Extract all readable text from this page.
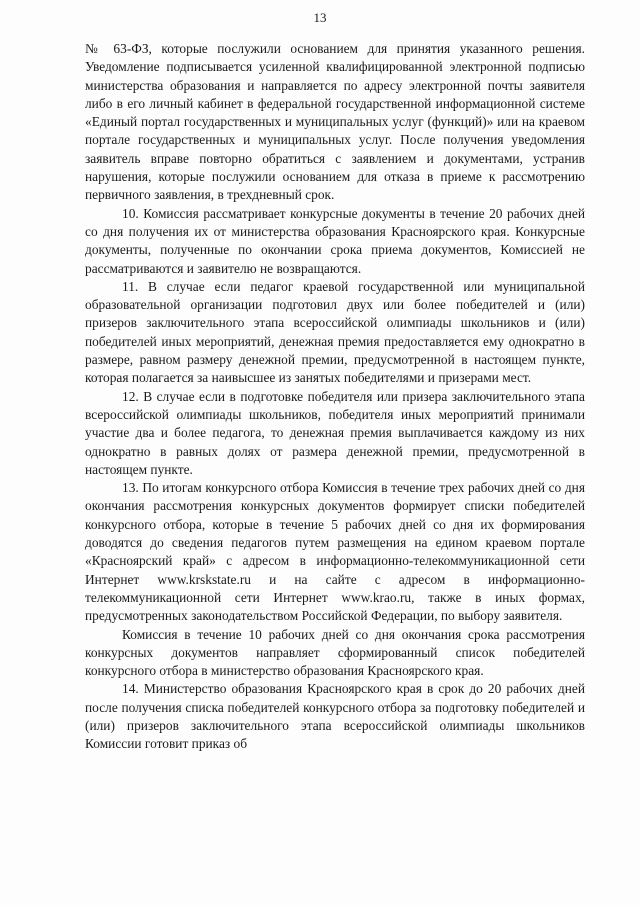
13

№ 63-ФЗ, которые послужили основанием для принятия указанного решения. Уведомление подписывается усиленной квалифицированной электронной подписью министерства образования и направляется по адресу электронной почты заявителя либо в его личный кабинет в федеральной государственной информационной системе «Единый портал государственных и муниципальных услуг (функций)» или на краевом портале государственных и муниципальных услуг. После получения уведомления заявитель вправе повторно обратиться с заявлением и документами, устранив нарушения, которые послужили основанием для отказа в приеме к рассмотрению первичного заявления, в трехдневный срок.

10. Комиссия рассматривает конкурсные документы в течение 20 рабочих дней со дня получения их от министерства образования Красноярского края. Конкурсные документы, полученные по окончании срока приема документов, Комиссией не рассматриваются и заявителю не возвращаются.

11. В случае если педагог краевой государственной или муниципальной образовательной организации подготовил двух или более победителей и (или) призеров заключительного этапа всероссийской олимпиады школьников и (или) победителей иных мероприятий, денежная премия предоставляется ему однократно в размере, равном размеру денежной премии, предусмотренной в настоящем пункте, которая полагается за наивысшее из занятых победителями и призерами мест.

12. В случае если в подготовке победителя или призера заключительного этапа всероссийской олимпиады школьников, победителя иных мероприятий принимали участие два и более педагога, то денежная премия выплачивается каждому из них однократно в равных долях от размера денежной премии, предусмотренной в настоящем пункте.

13. По итогам конкурсного отбора Комиссия в течение трех рабочих дней со дня окончания рассмотрения конкурсных документов формирует списки победителей конкурсного отбора, которые в течение 5 рабочих дней со дня их формирования доводятся до сведения педагогов путем размещения на едином краевом портале «Красноярский край» с адресом в информационно-телекоммуникационной сети Интернет www.krskstate.ru и на сайте с адресом в информационно-телекоммуникационной сети Интернет www.krao.ru, также в иных формах, предусмотренных законодательством Российской Федерации, по выбору заявителя.

Комиссия в течение 10 рабочих дней со дня окончания срока рассмотрения конкурсных документов направляет сформированный список победителей конкурсного отбора в министерство образования Красноярского края.

14. Министерство образования Красноярского края в срок до 20 рабочих дней после получения списка победителей конкурсного отбора за подготовку победителей и (или) призеров заключительного этапа всероссийской олимпиады школьников Комиссии готовит приказ об
